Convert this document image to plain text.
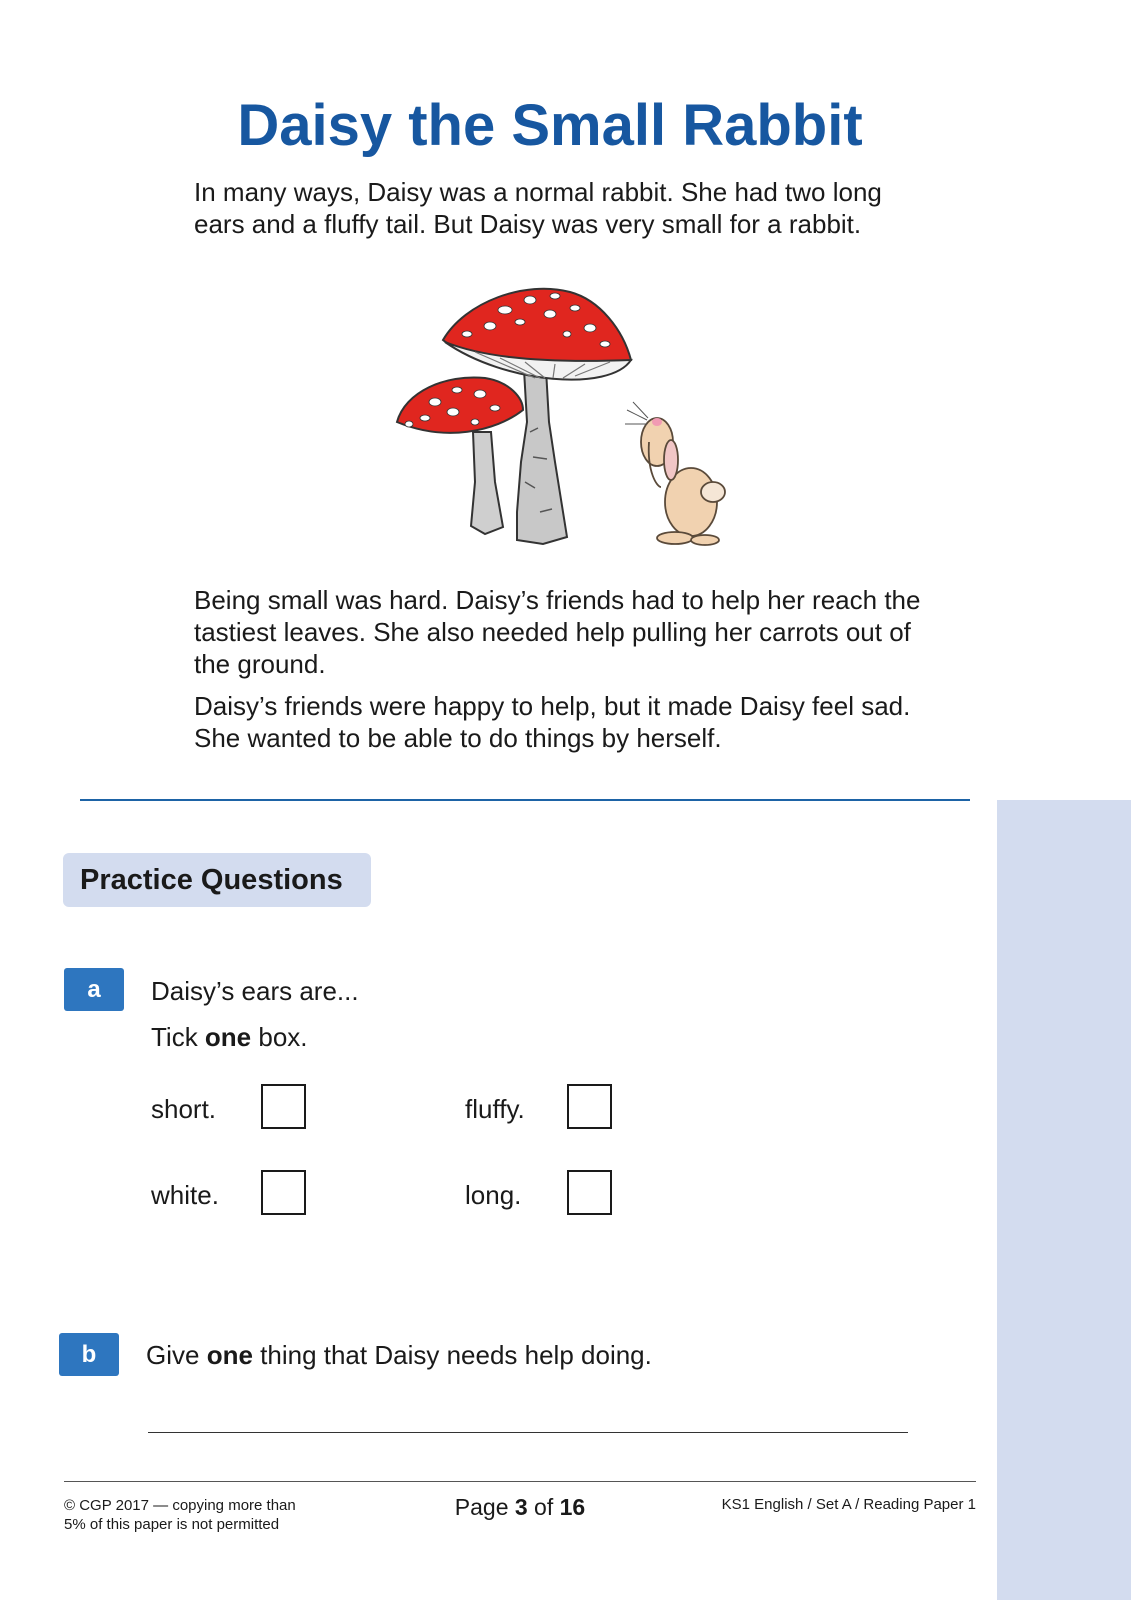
Daisy the Small Rabbit

In many ways, Daisy was a normal rabbit. She had two long ears and a fluffy tail. But Daisy was very small for a rabbit.

Being small was hard. Daisy’s friends had to help her reach the tastiest leaves. She also needed help pulling her carrots out of the ground.

Daisy’s friends were happy to help, but it made Daisy feel sad. She wanted to be able to do things by herself.

Practice Questions
a	Daisy’s ears are...

Tick one box.

short.	fluffy.
white.	long.
b	Give one thing that Daisy needs help doing.

© CGP 2017 — copying more than
5% of this paper is not permitted

Page 3 of 16	KS1 English / Set A / Reading Paper 1
